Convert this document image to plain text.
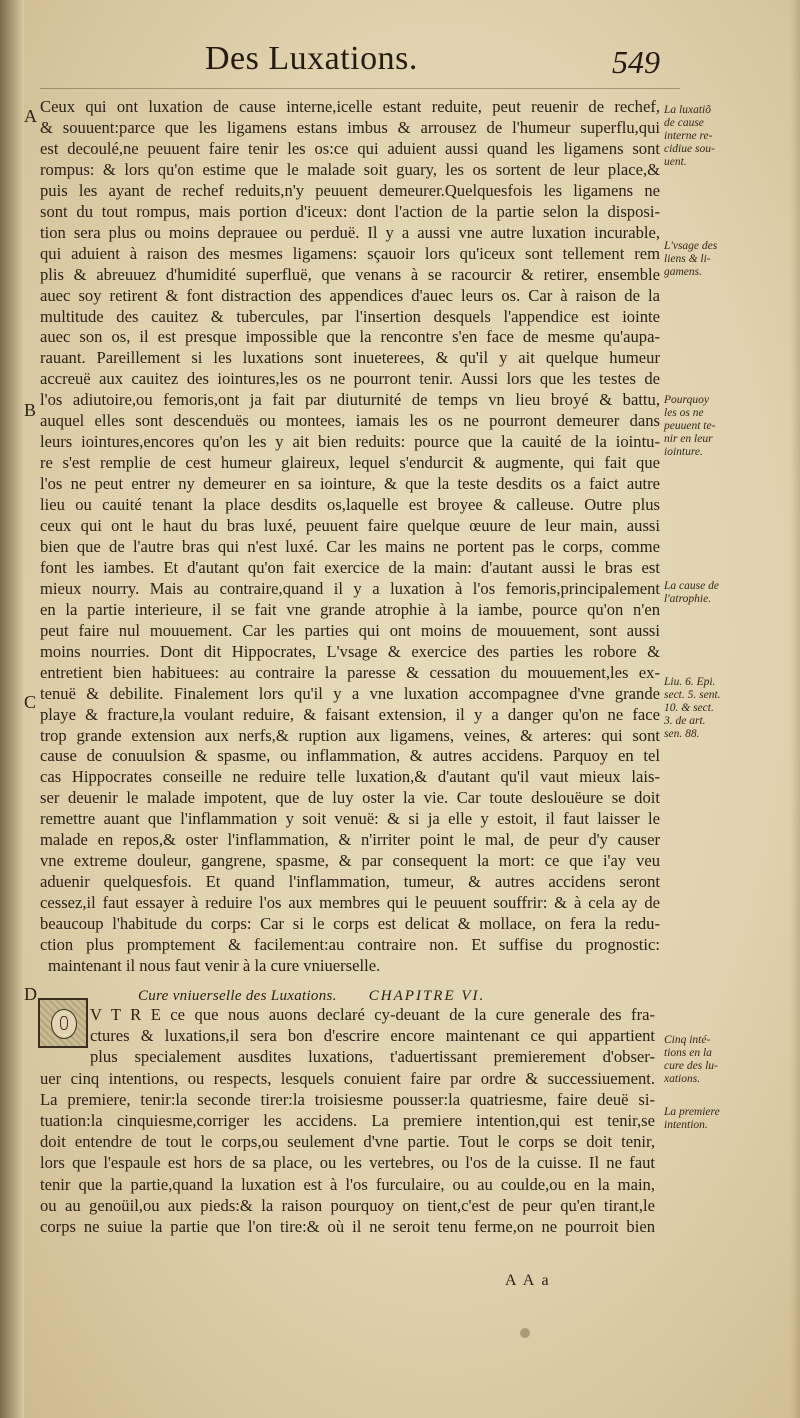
Des Luxations.	549
A
B
C
D
Ceux qui ont luxation de cause interne,icelle estant reduite, peut reuenir de rechef,
& souuent:parce que les ligamens estans imbus & arrousez de l'humeur superflu,qui
est decoulé,ne peuuent faire tenir les os:ce qui aduient aussi quand les ligamens sont
rompus: & lors qu'on estime que le malade soit guary, les os sortent de leur place,&
puis les ayant de rechef reduits,n'y peuuent demeurer.Quelquesfois les ligamens ne
sont du tout rompus, mais portion d'iceux: dont l'action de la partie selon la disposi-
tion sera plus ou moins deprauee ou perduë. Il y a aussi vne autre luxation incurable,
qui aduient à raison des mesmes ligamens: sçauoir lors qu'iceux sont tellement rem
plis & abreuuez d'humidité superfluë, que venans à se racourcir & retirer, ensemble
auec soy retirent & font distraction des appendices d'auec leurs os. Car à raison de la
multitude des cauitez & tubercules, par l'insertion desquels l'appendice est iointe
auec son os, il est presque impossible que la rencontre s'en face de mesme qu'aupa-
rauant. Pareillement si les luxations sont inueterees, & qu'il y ait quelque humeur
accreuë aux cauitez des iointures,les os ne pourront tenir. Aussi lors que les testes de
l'os adiutoire,ou femoris,ont ja fait par diuturnité de temps vn lieu broyé & battu,
auquel elles sont descenduës ou montees, iamais les os ne pourront demeurer dans
leurs iointures,encores qu'on les y ait bien reduits: pource que la cauité de la iointu-
re s'est remplie de cest humeur glaireux, lequel s'endurcit & augmente, qui fait que
l'os ne peut entrer ny demeurer en sa iointure, & que la teste desdits os a faict autre
lieu ou cauité tenant la place desdits os,laquelle est broyee & calleuse. Outre plus
ceux qui ont le haut du bras luxé, peuuent faire quelque œuure de leur main, aussi
bien que de l'autre bras qui n'est luxé. Car les mains ne portent pas le corps, comme
font les iambes. Et d'autant qu'on fait exercice de la main: d'autant aussi le bras est
mieux nourry. Mais au contraire,quand il y a luxation à l'os femoris,principalement
en la partie interieure, il se fait vne grande atrophie à la iambe, pource qu'on n'en
peut faire nul mouuement. Car les parties qui ont moins de mouuement, sont aussi
moins nourries. Dont dit Hippocrates, L'vsage & exercice des parties les robore &
entretient bien habituees: au contraire la paresse & cessation du mouuement,les ex-
tenuë & debilite. Finalement lors qu'il y a vne luxation accompagnee d'vne grande
playe & fracture,la voulant reduire, & faisant extension, il y a danger qu'on ne face
trop grande extension aux nerfs,& ruption aux ligamens, veines, & arteres: qui sont
cause de conuulsion & spasme, ou inflammation, & autres accidens. Parquoy en tel
cas Hippocrates conseille ne reduire telle luxation,& d'autant qu'il vaut mieux lais-
ser deuenir le malade impotent, que de luy oster la vie. Car toute deslouëure se doit
remettre auant que l'inflammation y soit venuë: & si ja elle y estoit, il faut laisser le
malade en repos,& oster l'inflammation, & n'irriter point le mal, de peur d'y causer
vne extreme douleur, gangrene, spasme, & par consequent la mort: ce que i'ay veu
aduenir quelquesfois. Et quand l'inflammation, tumeur, & autres accidens seront
cessez,il faut essayer à reduire l'os aux membres qui le peuuent souffrir: & à cela ay de
beaucoup l'habitude du corps: Car si le corps est delicat & mollace, on fera la redu-
ction plus promptement & facilement:au contraire non. Et suffise du prognostic:
maintenant il nous faut venir à la cure vniuerselle.
La luxatiõ
de cause
interne re-
cidiue sou-
uent.
L'vsage des
liens & li-
gamens.
Pourquoy
les os ne
peuuent te-
nir en leur
iointure.
La cause de
l'atrophie.
Liu. 6. Epi.
sect. 5. sent.
10. & sect.
3. de art.
sen. 88.
Cinq inté-
tions en la
cure des lu-
xations.
La premiere
intention.
Cure vniuerselle des Luxations. CHAPITRE VI.
V T R E ce que nous auons declaré cy-deuant de la cure generale des fra-
ctures & luxations,il sera bon d'escrire encore maintenant ce qui appartient
plus specialement ausdites luxations, t'aduertissant premierement d'obser-
uer cinq intentions, ou respects, lesquels conuient faire par ordre & successiuement.
La premiere, tenir:la seconde tirer:la troisiesme pousser:la quatriesme, faire deuë si-
tuation:la cinquiesme,corriger les accidens. La premiere intention,qui est tenir,se
doit entendre de tout le corps,ou seulement d'vne partie. Tout le corps se doit tenir,
lors que l'espaule est hors de sa place, ou les vertebres, ou l'os de la cuisse. Il ne faut
tenir que la partie,quand la luxation est à l'os furculaire, ou au coulde,ou en la main,
ou au genoüil,ou aux pieds:& la raison pourquoy on tient,c'est de peur qu'en tirant,le
corps ne suiue la partie que l'on tire:& où il ne seroit tenu ferme,on ne pourroit bien
A A a
